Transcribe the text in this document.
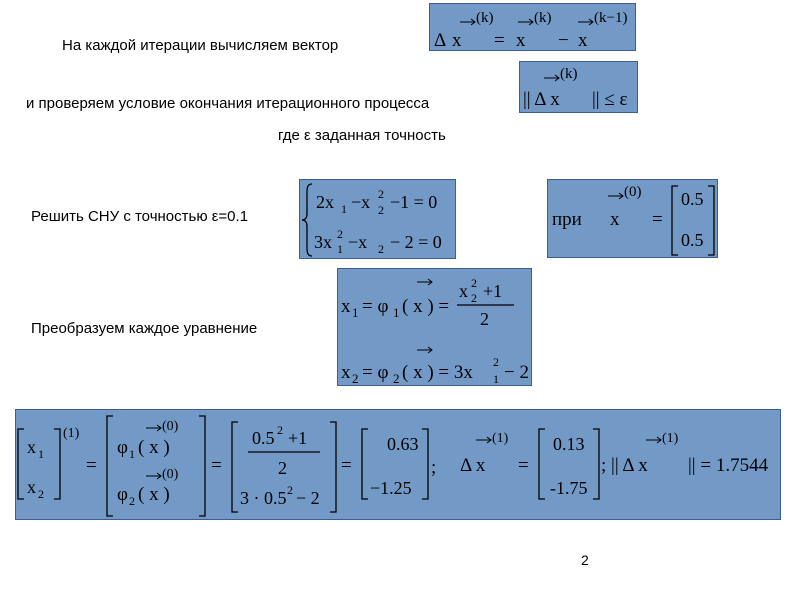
На каждой итерации вычисляем вектор
и проверяем условие окончания итерационного процесса
где ε заданная точность
Решить СНУ с точностью ε=0.1
Преобразуем каждое уравнение
(k)	(k)	(k−1)
Δ x = x − x
(k)
|| Δ x || ≤ ε
2x 1 −x 2
2 −1 = 0
3x 2
1 −x 2 − 2 = 0
(0)
при x =
0.5
0.5
x 1 = φ 1 ( x ) =
x 2
2 +1
2
x 2 = φ 2 ( x ) = 3x 2
1 − 2
x 1
x 2
(1)
=
(0)
φ 1 ( x )
(0)
φ 2 ( x )
=
0.5 2 +1
2
3 · 0.5 2 − 2
=
0.63
−1.25
;
(1)
Δ x =
0.13
-1.75
(1)
; || Δ x || = 1.7544
2
